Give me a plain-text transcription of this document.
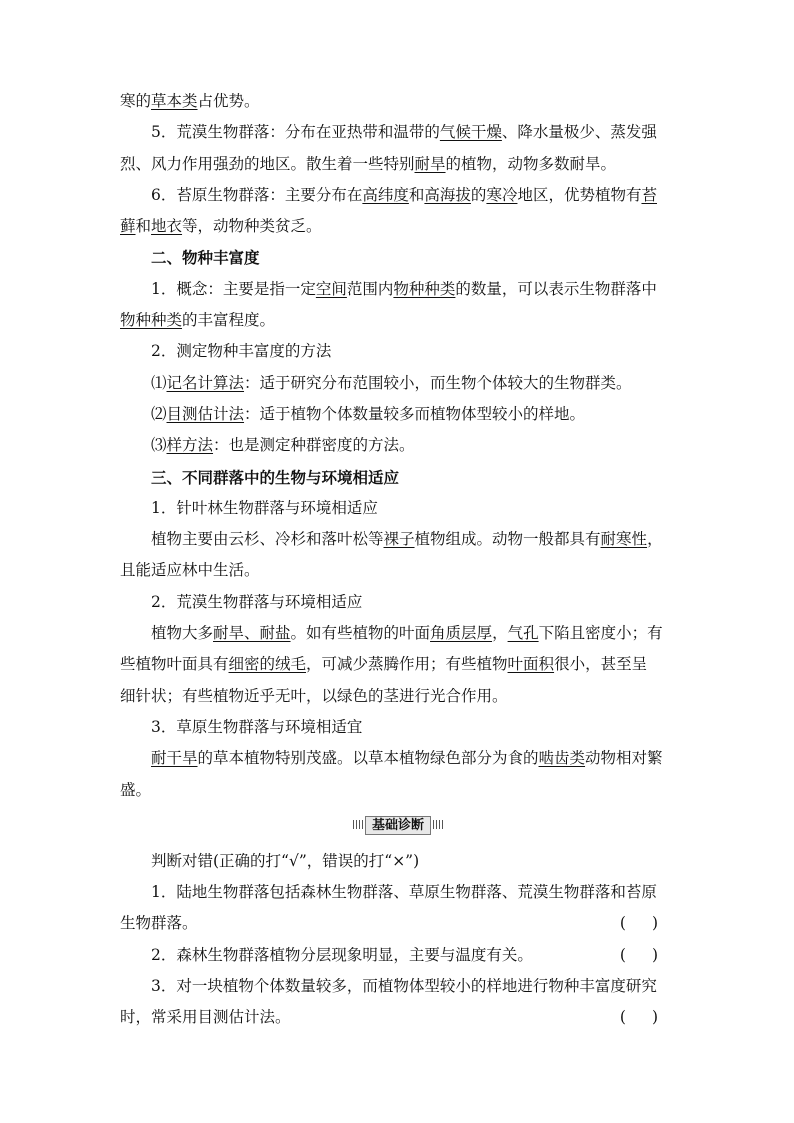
寒的草本类占优势。
5．荒漠生物群落：分布在亚热带和温带的气候干燥、降水量极少、蒸发强
烈、风力作用强劲的地区。散生着一些特别耐旱的植物，动物多数耐旱。
6．苔原生物群落：主要分布在高纬度和高海拔的寒冷地区，优势植物有苔
藓和地衣等，动物种类贫乏。
二、物种丰富度
1．概念：主要是指一定空间范围内物种种类的数量，可以表示生物群落中
物种种类的丰富程度。
2．测定物种丰富度的方法
⑴记名计算法：适于研究分布范围较小，而生物个体较大的生物群类。
⑵目测估计法：适于植物个体数量较多而植物体型较小的样地。
⑶样方法：也是测定种群密度的方法。
三、不同群落中的生物与环境相适应
1．针叶林生物群落与环境相适应
植物主要由云杉、冷杉和落叶松等裸子植物组成。动物一般都具有耐寒性，
且能适应林中生活。
2．荒漠生物群落与环境相适应
植物大多耐旱、耐盐。如有些植物的叶面角质层厚，气孔下陷且密度小；有
些植物叶面具有细密的绒毛，可减少蒸腾作用；有些植物叶面积很小，甚至呈
细针状；有些植物近乎无叶，以绿色的茎进行光合作用。
3．草原生物群落与环境相适宜
耐干旱的草本植物特别茂盛。以草本植物绿色部分为食的啮齿类动物相对繁
盛。
基础诊断
判断对错(正确的打“√”，错误的打“×”)
1．陆地生物群落包括森林生物群落、草原生物群落、荒漠生物群落和苔原
生物群落。	( )
2．森林生物群落植物分层现象明显，主要与温度有关。	( )
3．对一块植物个体数量较多，而植物体型较小的样地进行物种丰富度研究
时，常采用目测估计法。	( )
